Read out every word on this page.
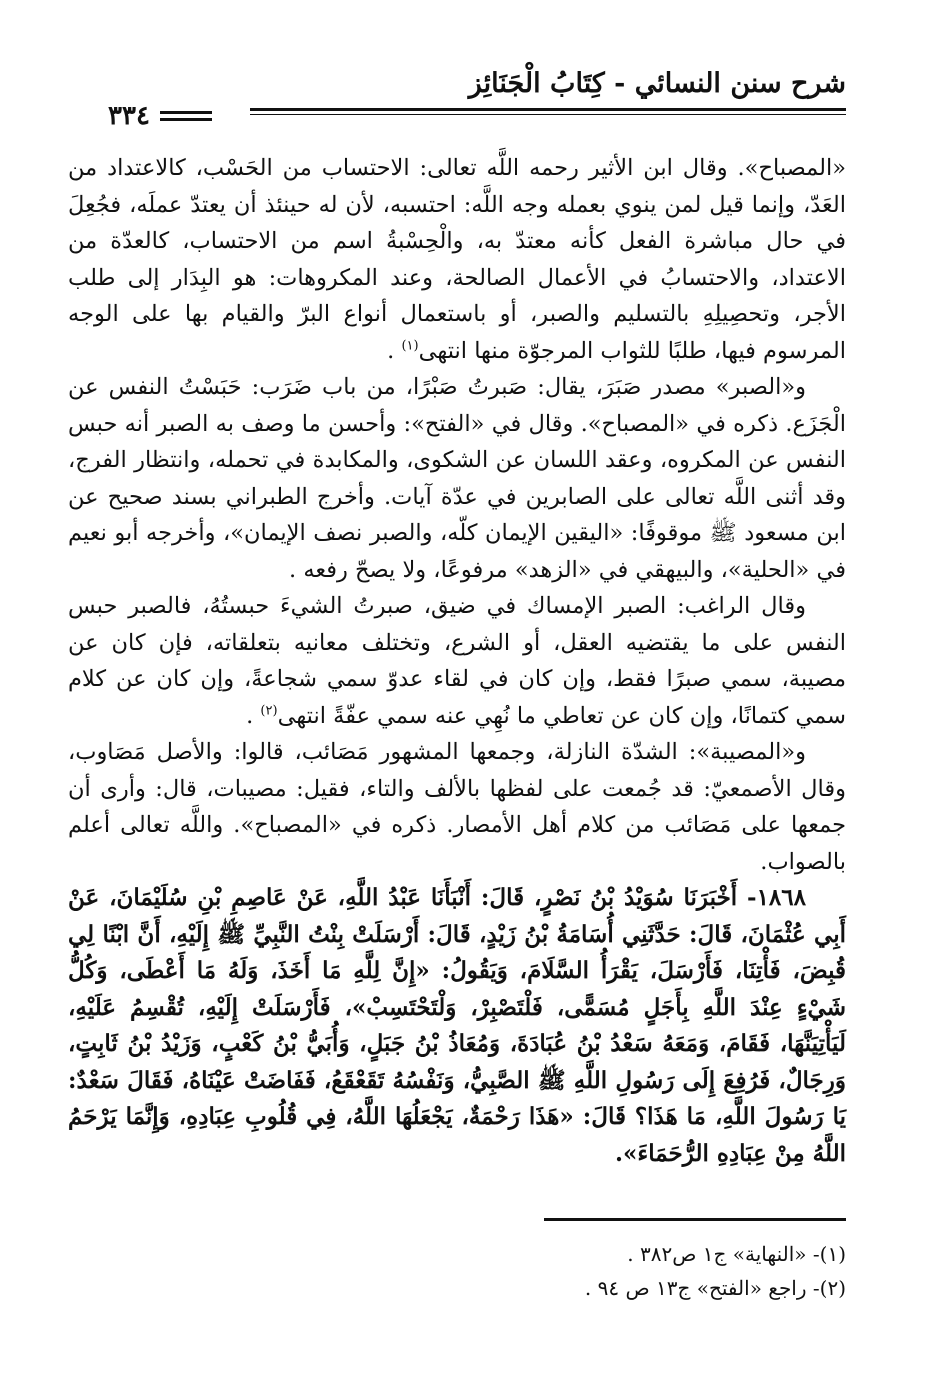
شرح سنن النسائي - كِتَابُ الْجَنَائِز
٣٣٤

«المصباح». وقال ابن الأثير رحمه اللَّه تعالى: الاحتساب من الحَسْب، كالاعتداد من العَدّ، وإنما قيل لمن ينوي بعمله وجه اللَّه: احتسبه، لأن له حينئذ أن يعتدّ عملَه، فجُعِلَ في حال مباشرة الفعل كأنه معتدّ به، والْحِسْبةُ اسم من الاحتساب، كالعدّة من الاعتداد، والاحتسابُ في الأعمال الصالحة، وعند المكروهات: هو البِدَار إلى طلب الأجر، وتحصِيلِهِ بالتسليم والصبر، أو باستعمال أنواع البرّ والقيام بها على الوجه المرسوم فيها، طلبًا للثواب المرجوّة منها انتهى$^{(١)}$ .

و«الصبر» مصدر صَبَرَ، يقال: صَبرتُ صَبْرًا، من باب ضَرَب: حَبَسْتُ النفس عن الْجَزَع. ذكره في «المصباح». وقال في «الفتح»: وأحسن ما وصف به الصبر أنه حبس النفس عن المكروه، وعقد اللسان عن الشكوى، والمكابدة في تحمله، وانتظار الفرج، وقد أثنى اللَّه تعالى على الصابرين في عدّة آيات. وأخرج الطبراني بسند صحيح عن ابن مسعود ﷺ موقوفًا: «اليقين الإيمان كلّه، والصبر نصف الإيمان»، وأخرجه أبو نعيم في «الحلية»، والبيهقي في «الزهد» مرفوعًا، ولا يصحّ رفعه .

وقال الراغب: الصبر الإمساك في ضيق، صبرتُ الشيءَ حبستُهُ، فالصبر حبس النفس على ما يقتضيه العقل، أو الشرع، وتختلف معانيه بتعلقاته، فإن كان عن مصيبة، سمي صبرًا فقط، وإن كان في لقاء عدوّ سمي شجاعةً، وإن كان عن كلام سمي كتمانًا، وإن كان عن تعاطي ما نُهِي عنه سمي عفّةً انتهى$^{(٢)}$ .

و«المصيبة»: الشدّة النازلة، وجمعها المشهور مَصَائب، قالوا: والأصل مَصَاوب، وقال الأصمعيّ: قد جُمعت على لفظها بالألف والتاء، فقيل: مصيبات، قال: وأرى أن جمعها على مَصَائب من كلام أهل الأمصار. ذكره في «المصباح». واللَّه تعالى أعلم بالصواب.

١٨٦٨- أَخْبَرَنَا سُوَيْدُ بْنُ نَصْرٍ، قَالَ: أَنْبَأَنَا عَبْدُ اللَّهِ، عَنْ عَاصِمِ بْنِ سُلَيْمَانَ، عَنْ أَبِي عُثْمَانَ، قَالَ: حَدَّثَنِي أُسَامَةُ بْنُ زَيْدٍ، قَالَ: أَرْسَلَتْ بِنْتُ النَّبِيِّ ﷺ إِلَيْهِ، أَنَّ ابْنًا لِي قُبِضَ، فَأْتِنَا، فَأَرْسَلَ، يَقْرَأُ السَّلَامَ، وَيَقُولُ: «إِنَّ لِلَّهِ مَا أَخَذَ، وَلَهُ مَا أَعْطَى، وَكُلُّ شَيْءٍ عِنْدَ اللَّهِ بِأَجَلٍ مُسَمًّى، فَلْتَصْبِرْ، وَلْتَحْتَسِبْ»، فَأَرْسَلَتْ إِلَيْهِ، تُقْسِمُ عَلَيْهِ، لَيَأْتِيَنَّهَا، فَقَامَ، وَمَعَهُ سَعْدُ بْنُ عُبَادَةَ، وَمُعَاذُ بْنُ جَبَلٍ، وَأُبَيُّ بْنُ كَعْبٍ، وَزَيْدُ بْنُ ثَابِتٍ، وَرِجَالٌ، فَرُفِعَ إِلَى رَسُولِ اللَّهِ ﷺ الصَّبِيُّ، وَنَفْسُهُ تَقَعْقَعُ، فَفَاضَتْ عَيْنَاهُ، فَقَالَ سَعْدٌ: يَا رَسُولَ اللَّهِ، مَا هَذَا؟ قَالَ: «هَذَا رَحْمَةٌ، يَجْعَلُهَا اللَّهُ، فِي قُلُوبِ عِبَادِهِ، وَإِنَّمَا يَرْحَمُ اللَّهُ مِنْ عِبَادِهِ الرُّحَمَاءَ».

(١)- «النهاية» ج١ ص٣٨٢ .
(٢)- راجع «الفتح» ج١٣ ص ٩٤ .
